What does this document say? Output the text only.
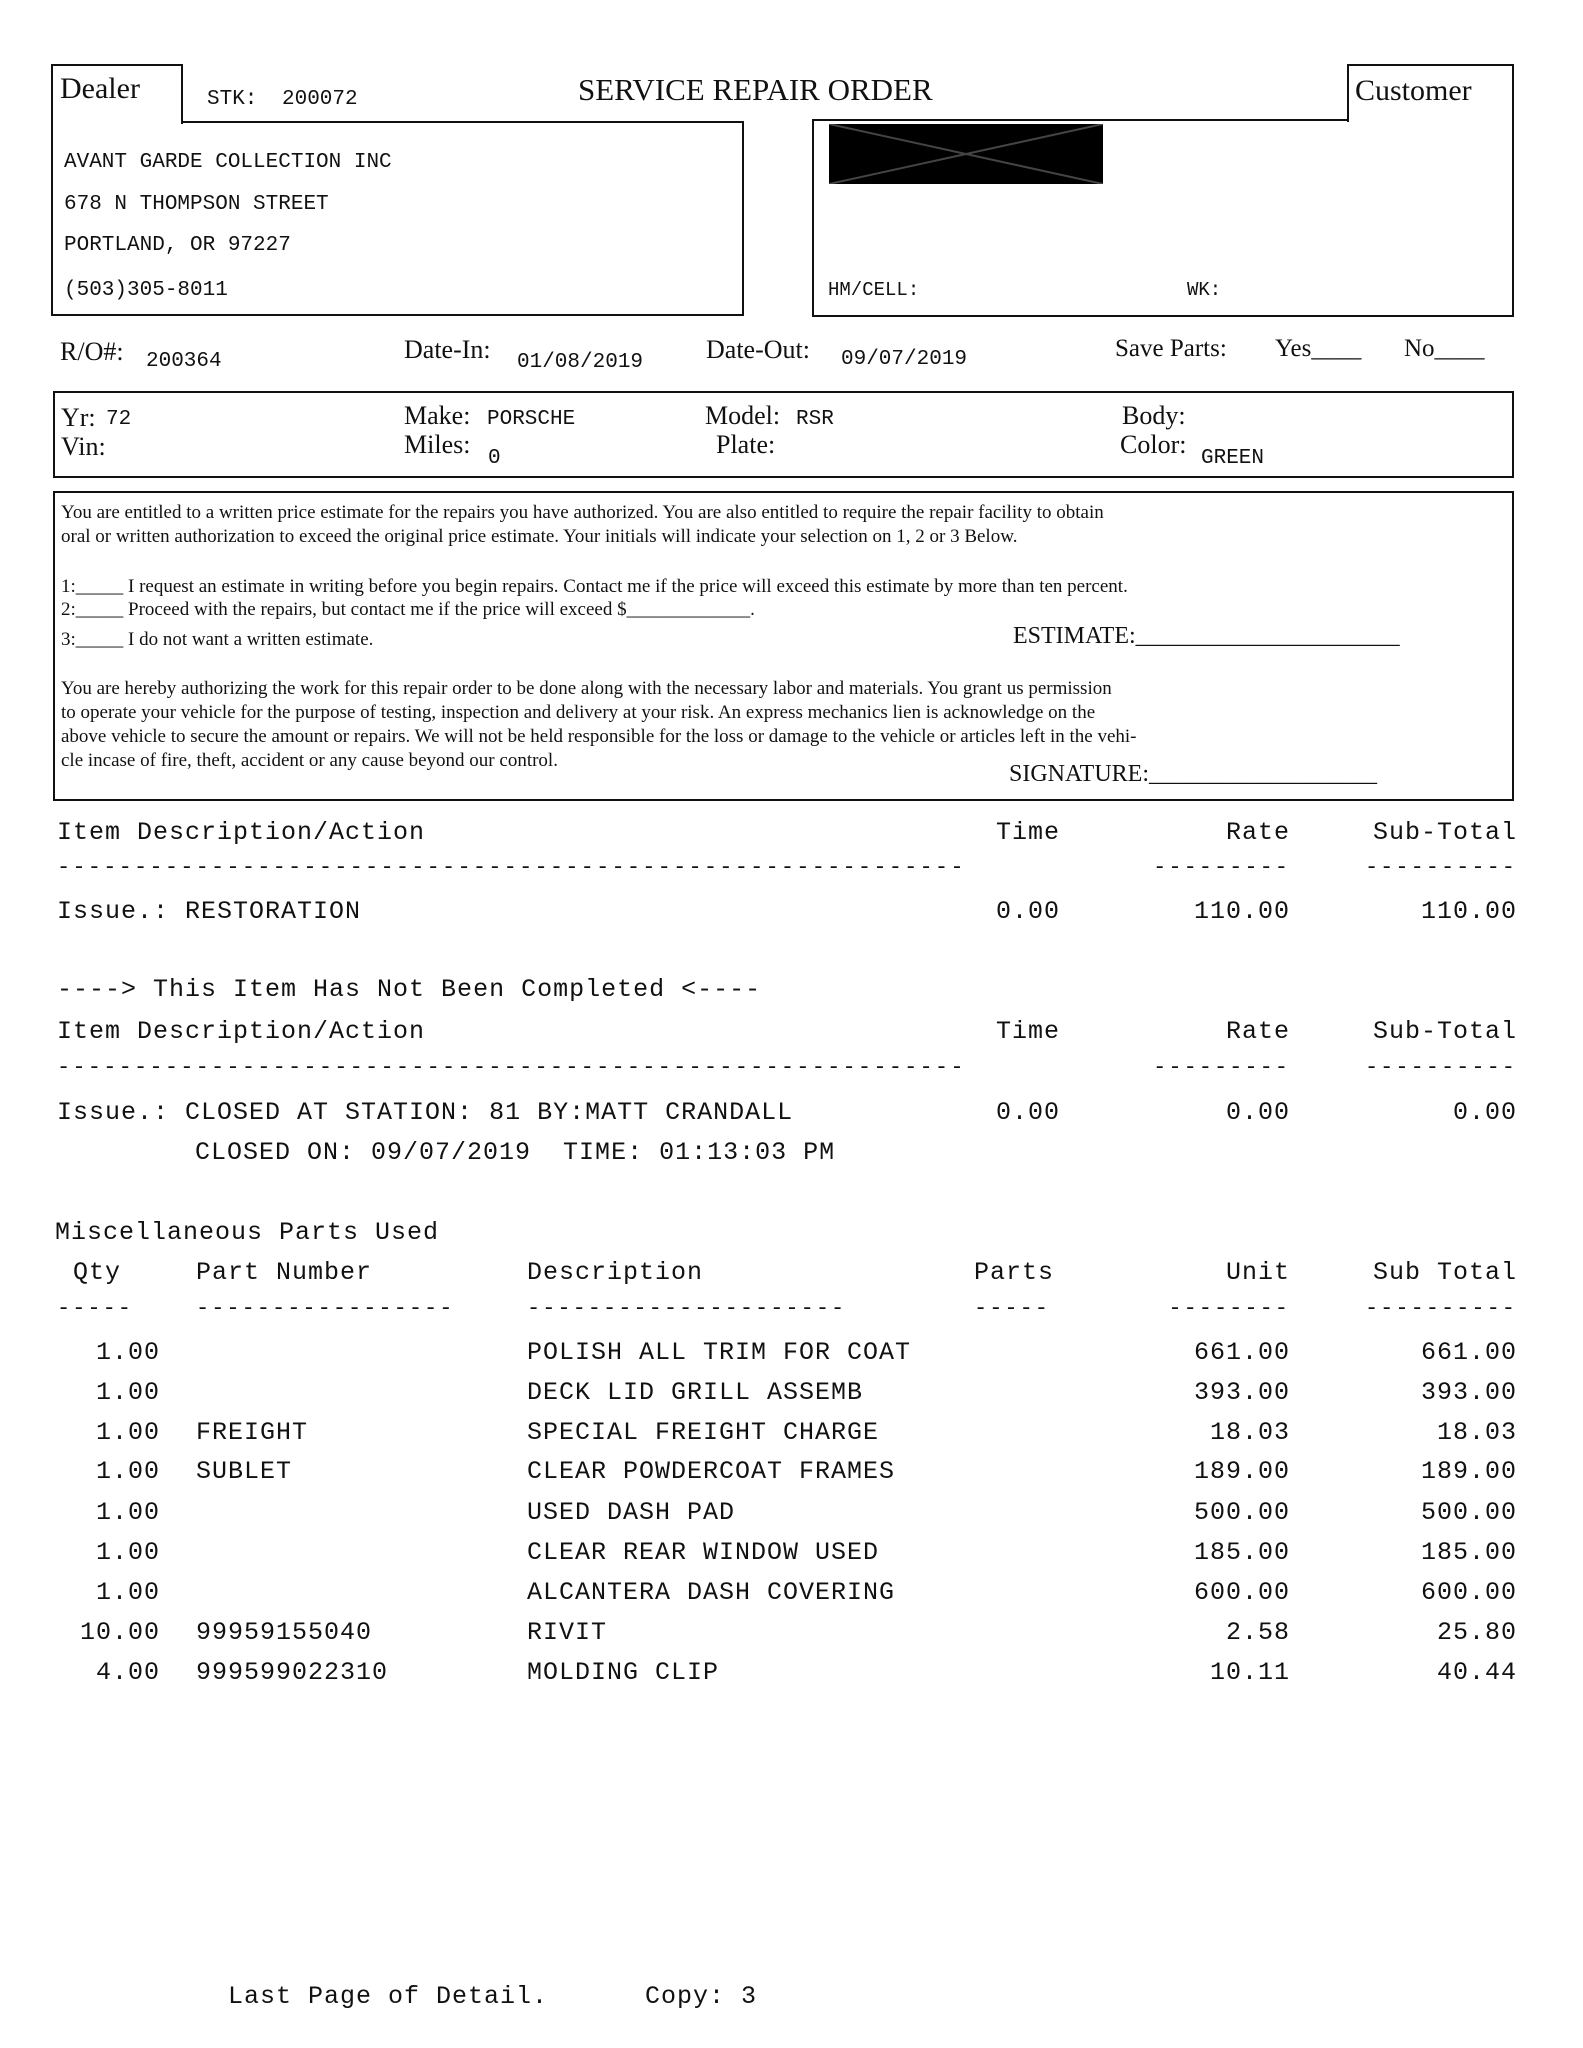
Dealer	STK: 200072	SERVICE REPAIR ORDER	Customer
AVANT GARDE COLLECTION INC
678 N THOMPSON STREET
PORTLAND, OR 97227
(503)305-8011	HM/CELL:	WK:
R/O#: 200364	Date-In: 01/08/2019 Date-Out: 09/07/2019	Save Parts: Yes____ No____
Yr: 72
Vin:
Make: PORSCHE
Miles: 0
Model: RSR
Plate:
Body:
Color: GREEN
You are entitled to a written price estimate for the repairs you have authorized. You are also entitled to require the repair facility to obtain
oral or written authorization to exceed the original price estimate. Your initials will indicate your selection on 1, 2 or 3 Below.
1:_____ I request an estimate in writing before you begin repairs. Contact me if the price will exceed this estimate by more than ten percent.
2:_____ Proceed with the repairs, but contact me if the price will exceed $_____________.
3:_____ I do not want a written estimate.	ESTIMATE:______________________
You are hereby authorizing the work for this repair order to be done along with the necessary labor and materials. You grant us permission
to operate your vehicle for the purpose of testing, inspection and delivery at your risk. An express mechanics lien is acknowledge on the
above vehicle to secure the amount or repairs. We will not be held responsible for the loss or damage to the vehicle or articles left in the vehi-
cle incase of fire, theft, accident or any cause beyond our control.
SIGNATURE:___________________
Item Description/Action	Time	Rate	Sub-Total
-----------------------------------------------------------	---------	----------
Issue.: RESTORATION	0.00	110.00	110.00
----> This Item Has Not Been Completed <----
Item Description/Action	Time	Rate	Sub-Total
-----------------------------------------------------------	---------	----------
Issue.: CLOSED AT STATION: 81 BY:MATT CRANDALL	0.00	0.00	0.00
CLOSED ON: 09/07/2019  TIME: 01:13:03 PM
Miscellaneous Parts Used
Qty	Part Number	Description	Parts	Unit	Sub Total
-----	-----------------	---------------------	-----	--------	----------
1.00	POLISH ALL TRIM FOR COAT	661.00	661.00
1.00	DECK LID GRILL ASSEMB	393.00	393.00
1.00 FREIGHT	SPECIAL FREIGHT CHARGE	18.03	18.03
1.00 SUBLET	CLEAR POWDERCOAT FRAMES	189.00	189.00
1.00	USED DASH PAD	500.00	500.00
1.00	CLEAR REAR WINDOW USED	185.00	185.00
1.00	ALCANTERA DASH COVERING	600.00	600.00
10.00 99959155040	RIVIT	2.58	25.80
4.00 999599022310	MOLDING CLIP	10.11	40.44
Last Page of Detail.	Copy: 3
